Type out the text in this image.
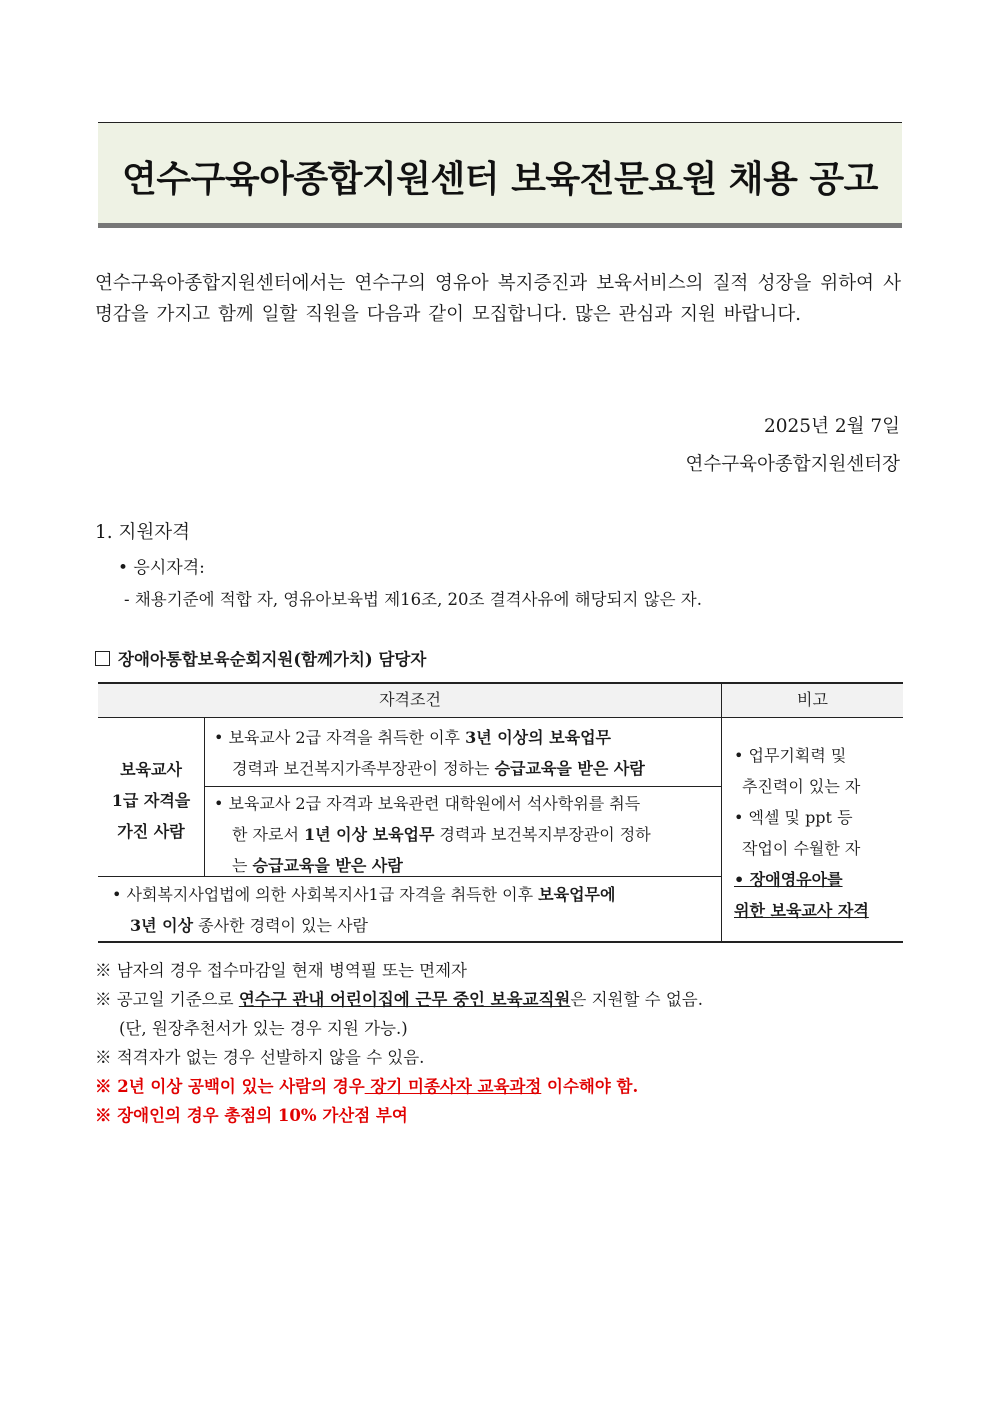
연수구육아종합지원센터 보육전문요원 채용 공고
연수구육아종합지원센터에서는 연수구의 영유아 복지증진과 보육서비스의 질적 성장을 위하여 사명감을 가지고 함께 일할 직원을 다음과 같이 모집합니다. 많은 관심과 지원 바랍니다.
2025년 2월 7일
연수구육아종합지원센터장
1. 지원자격
• 응시자격:
- 채용기준에 적합 자, 영유아보육법 제16조, 20조 결격사유에 해당되지 않은 자.
장애아통합보육순회지원(함께가치) 담당자
자격조건	비고
보육교사
1급 자격을
가진 사람
• 보육교사 2급 자격을 취득한 이후 3년 이상의 보육업무
경력과 보건복지가족부장관이 정하는 승급교육을 받은 사람
• 보육교사 2급 자격과 보육관련 대학원에서 석사학위를 취득
한 자로서 1년 이상 보육업무 경력과 보건복지부장관이 정하
는 승급교육을 받은 사람
• 사회복지사업법에 의한 사회복지사1급 자격을 취득한 이후 보육업무에
3년 이상 종사한 경력이 있는 사람
• 업무기획력 및
추진력이 있는 자
• 엑셀 및 ppt 등
작업이 수월한 자
• 장애영유아를
위한 보육교사 자격
※ 남자의 경우 접수마감일 현재 병역필 또는 면제자
※ 공고일 기준으로 연수구 관내 어린이집에 근무 중인 보육교직원은 지원할 수 없음.
(단, 원장추천서가 있는 경우 지원 가능.)
※ 적격자가 없는 경우 선발하지 않을 수 있음.
※ 2년 이상 공백이 있는 사람의 경우 장기 미종사자 교육과정 이수해야 함.
※ 장애인의 경우 총점의 10% 가산점 부여
